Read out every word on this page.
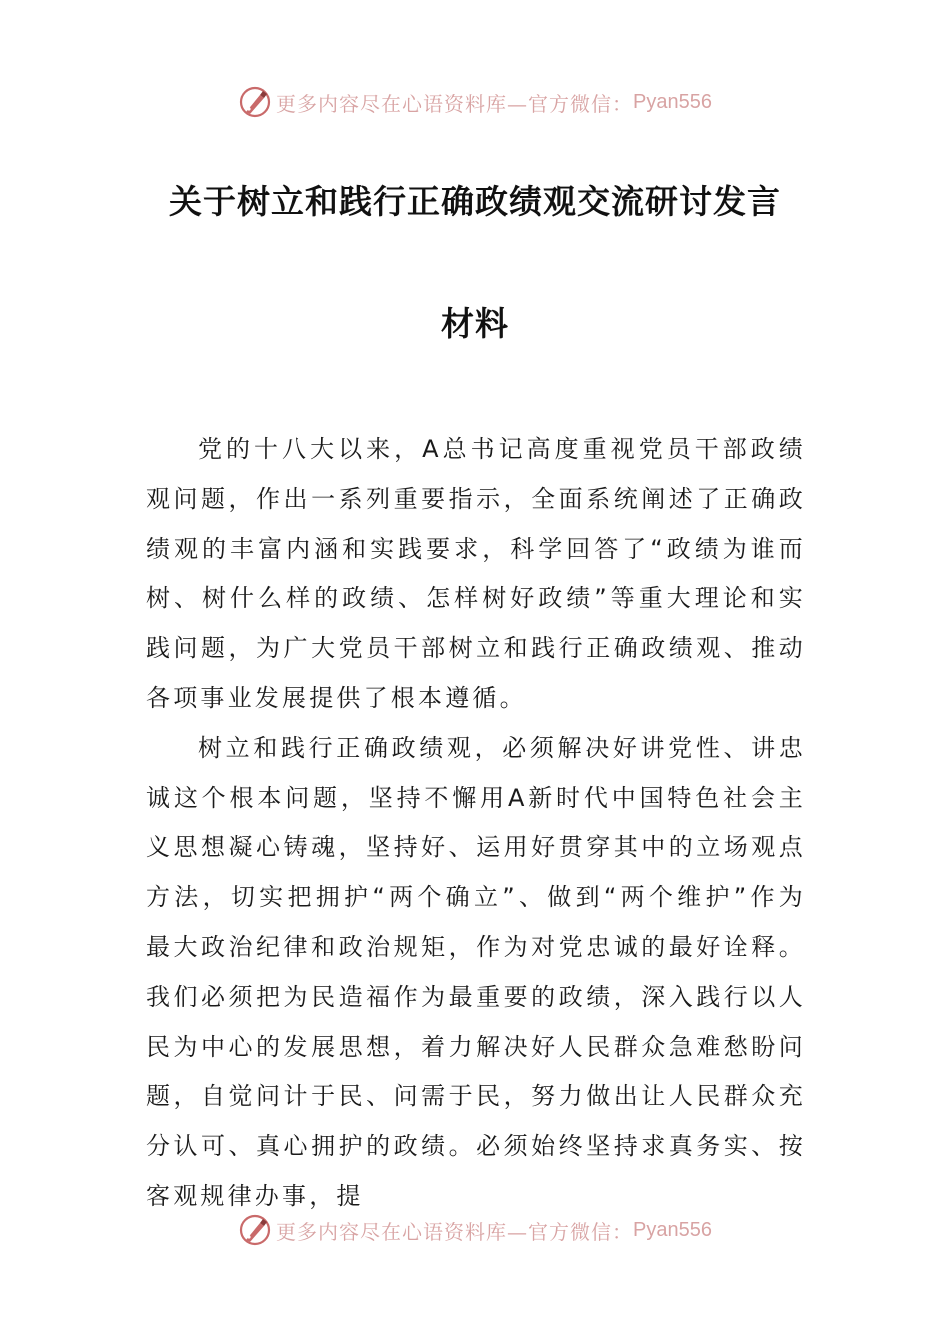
更多内容尽在心语资料库—官方微信： Pyan556
关于树立和践行正确政绩观交流研讨发言
材料

党的十八大以来，A总书记高度重视党员干部政绩观问题，作出一系列重要指示，全面系统阐述了正确政绩观的丰富内涵和实践要求，科学回答了“政绩为谁而树、树什么样的政绩、怎样树好政绩”等重大理论和实践问题，为广大党员干部树立和践行正确政绩观、推动各项事业发展提供了根本遵循。

树立和践行正确政绩观，必须解决好讲党性、讲忠诚这个根本问题，坚持不懈用A新时代中国特色社会主义思想凝心铸魂，坚持好、运用好贯穿其中的立场观点方法，切实把拥护“两个确立”、做到“两个维护”作为最大政治纪律和政治规矩，作为对党忠诚的最好诠释。我们必须把为民造福作为最重要的政绩，深入践行以人民为中心的发展思想，着力解决好人民群众急难愁盼问题，自觉问计于民、问需于民，努力做出让人民群众充分认可、真心拥护的政绩。必须始终坚持求真务实、按客观规律办事，提

更多内容尽在心语资料库—官方微信： Pyan556
